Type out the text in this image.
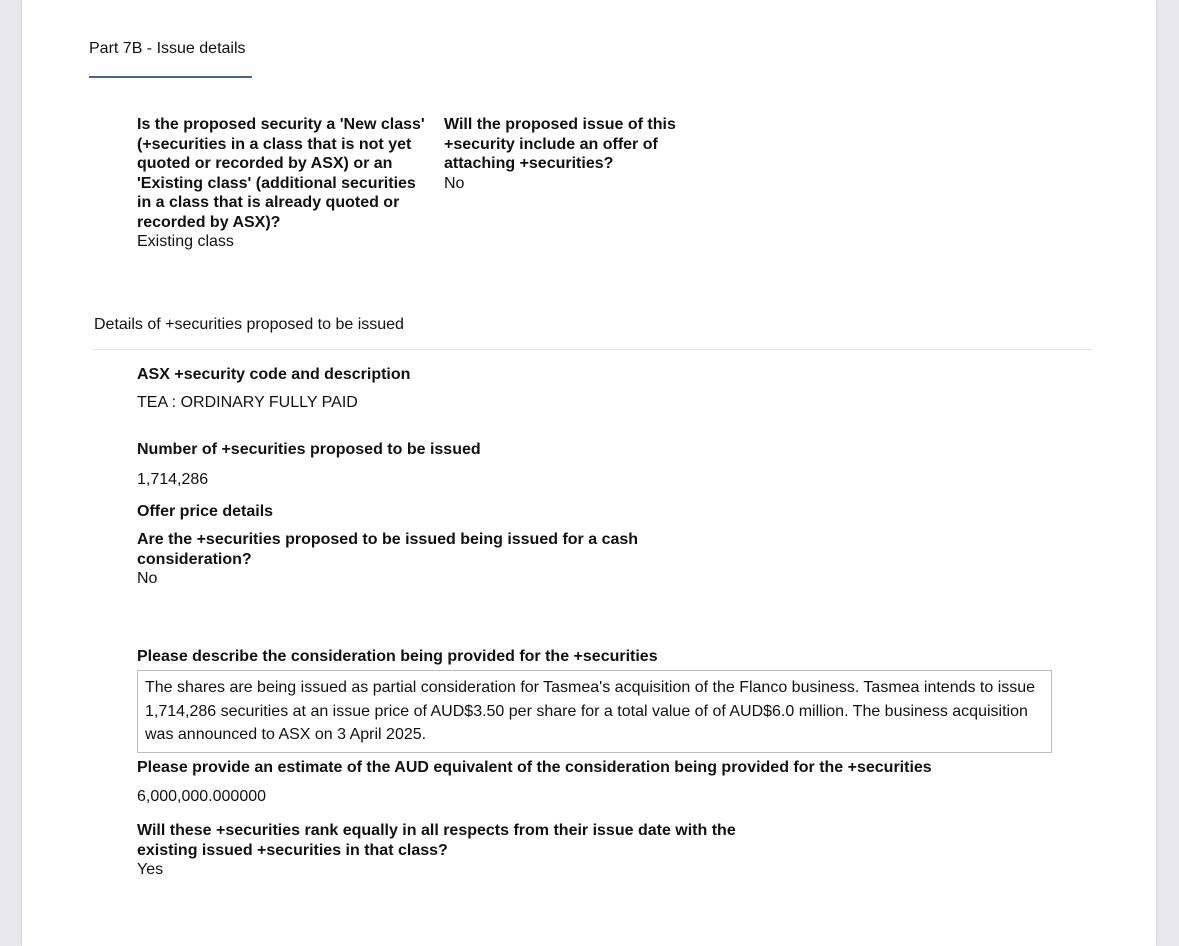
Part 7B - Issue details
Is the proposed security a 'New class' (+securities in a class that is not yet quoted or recorded by ASX) or an 'Existing class' (additional securities in a class that is already quoted or recorded by ASX)?
Existing class
Will the proposed issue of this +security include an offer of attaching +securities?
No
Details of +securities proposed to be issued
ASX +security code and description
TEA : ORDINARY FULLY PAID
Number of +securities proposed to be issued
1,714,286
Offer price details
Are the +securities proposed to be issued being issued for a cash consideration?
No
Please describe the consideration being provided for the +securities
The shares are being issued as partial consideration for Tasmea's acquisition of the Flanco business. Tasmea intends to issue 1,714,286 securities at an issue price of AUD$3.50 per share for a total value of of AUD$6.0 million. The business acquisition was announced to ASX on 3 April 2025.
Please provide an estimate of the AUD equivalent of the consideration being provided for the +securities
6,000,000.000000
Will these +securities rank equally in all respects from their issue date with the existing issued +securities in that class?
Yes
